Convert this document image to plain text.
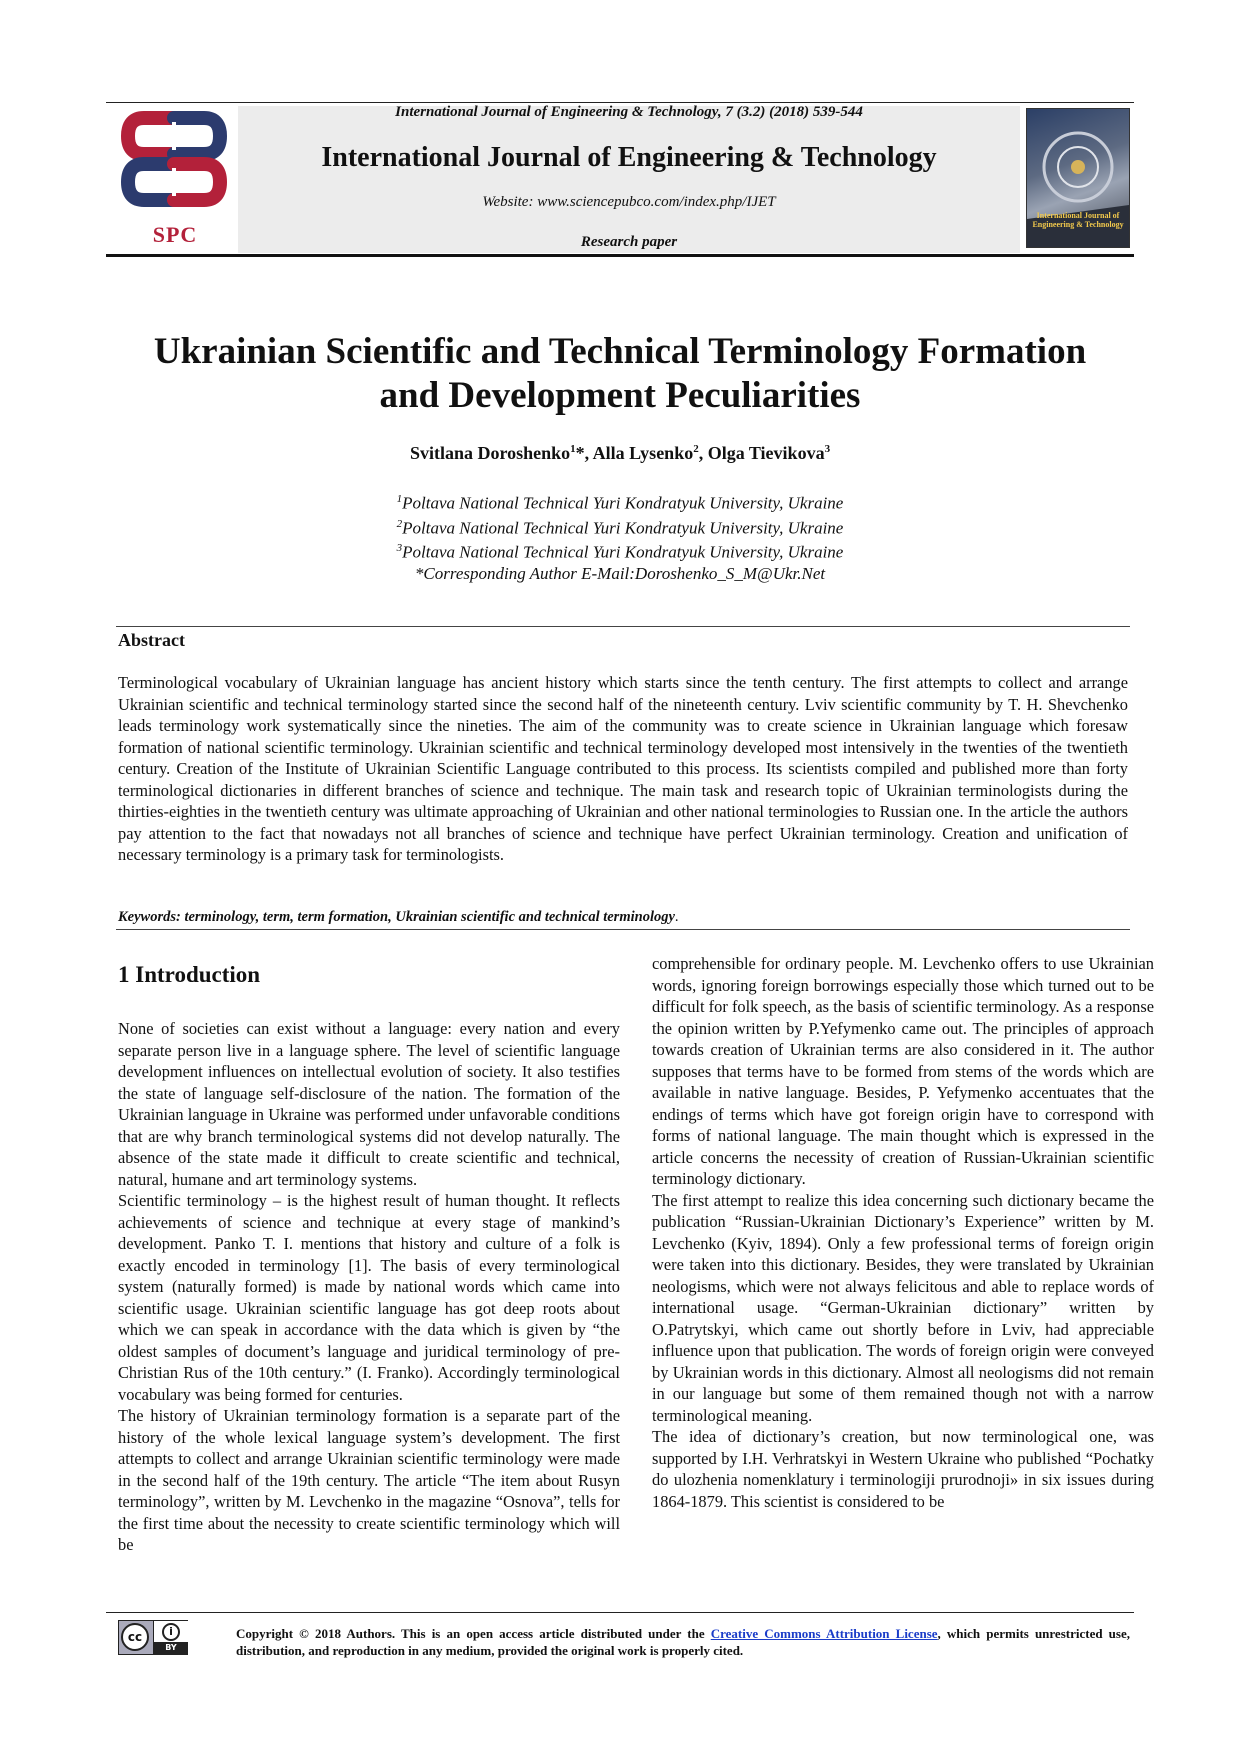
SPC
International Journal of Engineering & Technology, 7 (3.2) (2018) 539-544
International Journal of Engineering & Technology
Website: www.sciencepubco.com/index.php/IJET
Research paper
International Journal of Engineering & Technology
Ukrainian Scientific and Technical Terminology Formation
and Development Peculiarities
Svitlana Doroshenko$^1$*, Alla Lysenko$^2$, Olga Tievikova$^3$
$^1$Poltava National Technical Yuri Kondratyuk University, Ukraine
$^2$Poltava National Technical Yuri Kondratyuk University, Ukraine
$^3$Poltava National Technical Yuri Kondratyuk University, Ukraine
*Corresponding Author E-Mail:Doroshenko_S_M@Ukr.Net
Abstract
Terminological vocabulary of Ukrainian language has ancient history which starts since the tenth century. The first attempts to collect and arrange Ukrainian scientific and technical terminology started since the second half of the nineteenth century. Lviv scientific community by T. H. Shevchenko leads terminology work systematically since the nineties. The aim of the community was to create science in Ukrainian language which foresaw formation of national scientific terminology. Ukrainian scientific and technical terminology developed most intensively in the twenties of the twentieth century. Creation of the Institute of Ukrainian Scientific Language contributed to this process. Its scientists compiled and published more than forty terminological dictionaries in different branches of science and technique. The main task and research topic of Ukrainian terminologists during the thirties-eighties in the twentieth century was ultimate approaching of Ukrainian and other national terminologies to Russian one. In the article the authors pay attention to the fact that nowadays not all branches of science and technique have perfect Ukrainian terminology. Creation and unification of necessary terminology is a primary task for terminologists.
Keywords: terminology, term, term formation, Ukrainian scientific and technical terminology.
1 Introduction

None of societies can exist without a language: every nation and every separate person live in a language sphere. The level of scientific language development influences on intellectual evolution of society. It also testifies the state of language self-disclosure of the nation. The formation of the Ukrainian language in Ukraine was performed under unfavorable conditions that are why branch terminological systems did not develop naturally. The absence of the state made it difficult to create scientific and technical, natural, humane and art terminology systems.

Scientific terminology – is the highest result of human thought. It reflects achievements of science and technique at every stage of mankind’s development. Panko T. I. mentions that history and culture of a folk is exactly encoded in terminology [1]. The basis of every terminological system (naturally formed) is made by national words which came into scientific usage. Ukrainian scientific language has got deep roots about which we can speak in accordance with the data which is given by “the oldest samples of document’s language and juridical terminology of pre-Christian Rus of the 10th century.” (I. Franko). Accordingly terminological vocabulary was being formed for centuries.

The history of Ukrainian terminology formation is a separate part of the history of the whole lexical language system’s development. The first attempts to collect and arrange Ukrainian scientific terminology were made in the second half of the 19th century. The article “The item about Rusyn terminology”, written by M. Levchenko in the magazine “Osnova”, tells for the first time about the necessity to create scientific terminology which will be

comprehensible for ordinary people. M. Levchenko offers to use Ukrainian words, ignoring foreign borrowings especially those which turned out to be difficult for folk speech, as the basis of scientific terminology. As a response the opinion written by P.Yefymenko came out. The principles of approach towards creation of Ukrainian terms are also considered in it. The author supposes that terms have to be formed from stems of the words which are available in native language. Besides, P. Yefymenko accentuates that the endings of terms which have got foreign origin have to correspond with forms of national language. The main thought which is expressed in the article concerns the necessity of creation of Russian-Ukrainian scientific terminology dictionary.

The first attempt to realize this idea concerning such dictionary became the publication “Russian-Ukrainian Dictionary’s Experience” written by M. Levchenko (Kyiv, 1894). Only a few professional terms of foreign origin were taken into this dictionary. Besides, they were translated by Ukrainian neologisms, which were not always felicitous and able to replace words of international usage. “German-Ukrainian dictionary” written by O.Patrytskyi, which came out shortly before in Lviv, had appreciable influence upon that publication. The words of foreign origin were conveyed by Ukrainian words in this dictionary. Almost all neologisms did not remain in our language but some of them remained though not with a narrow terminological meaning.

The idea of dictionary’s creation, but now terminological one, was supported by I.H. Verhratskyi in Western Ukraine who published “Pochatky do ulozhenia nomenklatury i terminologiji prurodnoji» in six issues during 1864-1879. This scientist is considered to be

cc	i
BY
Copyright © 2018 Authors. This is an open access article distributed under the Creative Commons Attribution License, which permits unrestricted use, distribution, and reproduction in any medium, provided the original work is properly cited.
